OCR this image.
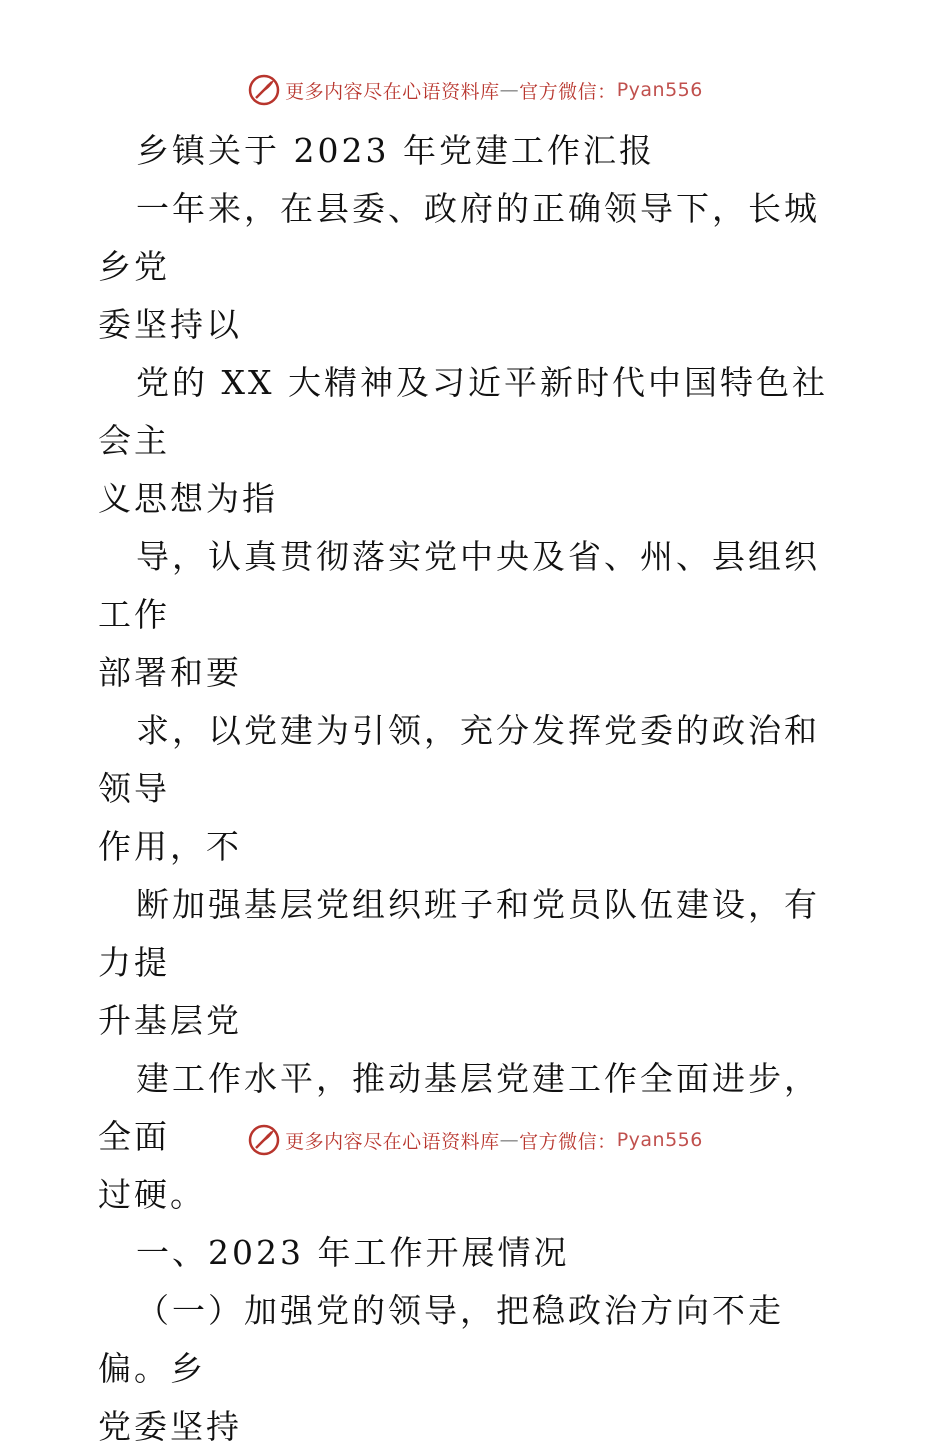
更多内容尽在心语资料库 — 官方微信： Pyan556

乡镇关于 2023 年党建工作汇报

一年来，在县委、政府的正确领导下，长城乡党

委坚持以

党的 XX 大精神及习近平新时代中国特色社会主

义思想为指

导，认真贯彻落实党中央及省、州、县组织工作

部署和要

求，以党建为引领，充分发挥党委的政治和领导

作用，不

断加强基层党组织班子和党员队伍建设，有力提

升基层党

建工作水平，推动基层党建工作全面进步，全面

过硬。

一、2023 年工作开展情况

（一）加强党的领导，把稳政治方向不走偏。乡

党委坚持

更多内容尽在心语资料库 — 官方微信： Pyan556
